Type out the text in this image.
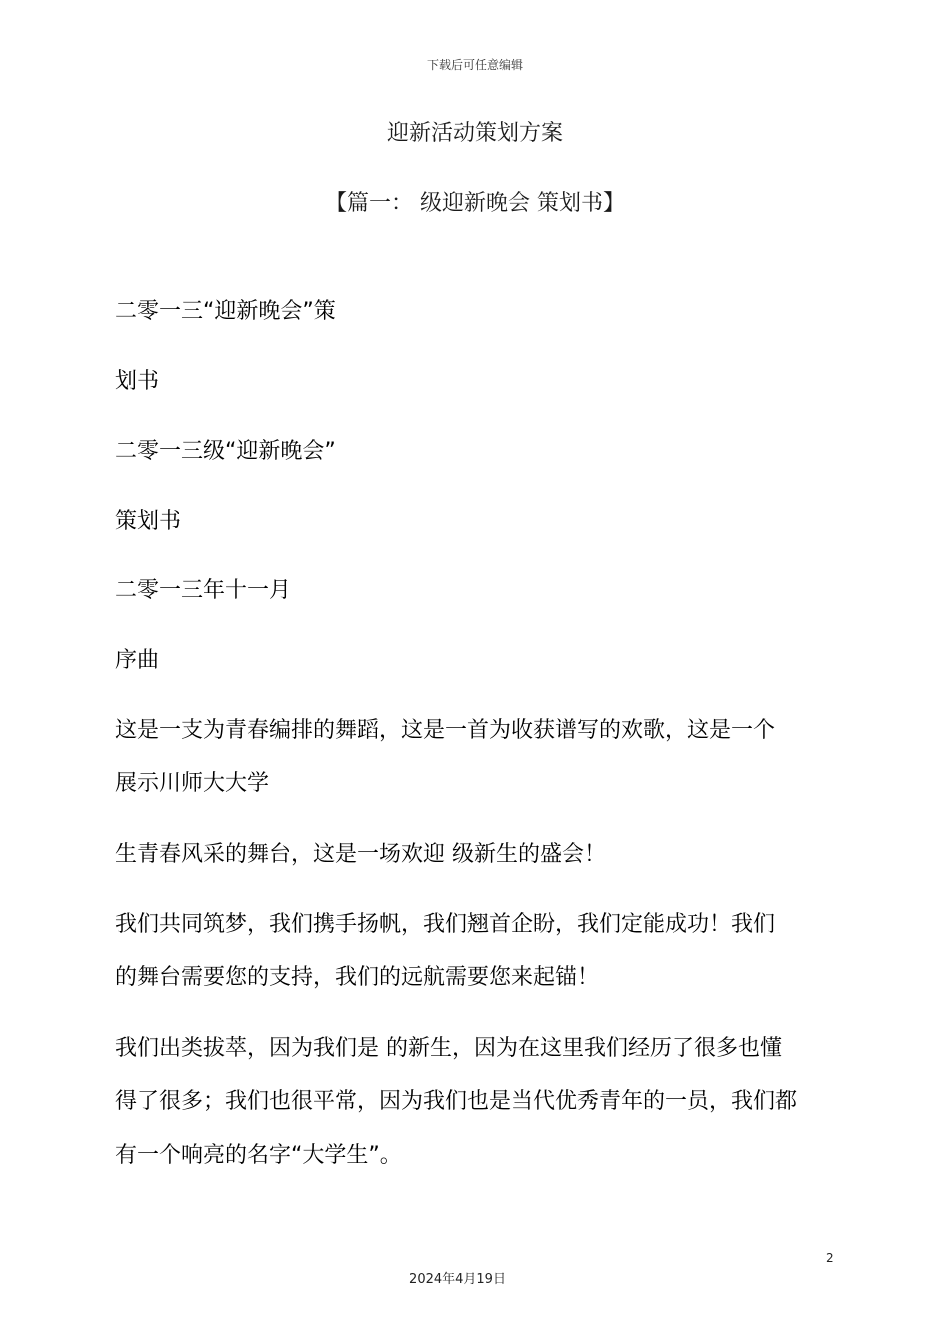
下载后可任意编辑
迎新活动策划方案
【篇一： 级迎新晚会 策划书】
二零一三“迎新晚会”策
划书
二零一三级“迎新晚会”
策划书
二零一三年十一月
序曲
这是一支为青春编排的舞蹈，这是一首为收获谱写的欢歌，这是一个
展示川师大大学
生青春风采的舞台，这是一场欢迎 级新生的盛会！
我们共同筑梦，我们携手扬帆，我们翘首企盼，我们定能成功！我们
的舞台需要您的支持，我们的远航需要您来起锚！
我们出类拔萃，因为我们是 的新生，因为在这里我们经历了很多也懂
得了很多；我们也很平常，因为我们也是当代优秀青年的一员，我们都
有一个响亮的名字“大学生”。
2
2024年4月19日
